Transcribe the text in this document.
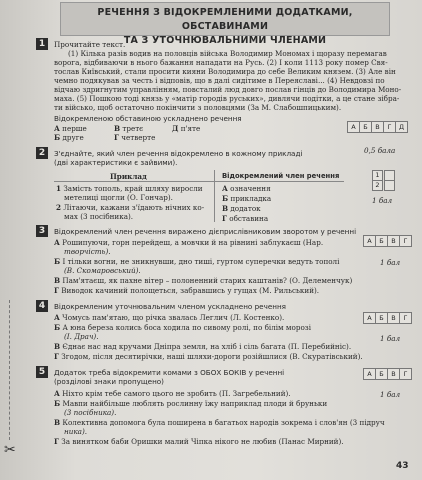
РЕЧЕННЯ З ВІДОКРЕМЛЕНИМИ ДОДАТКАМИ, ОБСТАВИНАМИ
ТА З УТОЧНЮВАЛЬНИМИ ЧЛЕНАМИ
1	Прочитайте текст.
(1) Кілька разів водив на половців війська Володимир Мономах і щоразу перемагав
ворога, відбиваючи в нього бажання нападати на Русь. (2) І коли 1113 року помер Свя-
тослав Київський, стали просити кияни Володимира до себе Великим князем. (3) Але він
чемно подякував за честь і відповів, що в далі сидітиме в Переяславі... (4) Невдовзі по
відчаю здригнутим управлінням, повсталий люд довго послав гінців до Володимира Моно-
маха. (5) Пошкою тоді князь у «матір городів руських», дивлячи подітки, а це стане зібра-
ти військо, щоб остаточно покінчити з половцями (За М. Слабошпицьким).
Відокремленою обставиною ускладнено речення
А перше	В третє	Д п'яте
Б друге	Г четверте
А	Б	В	Г	Д
0,5 бала
2	З'єднайте, який член речення відокремлено в кожному прикладі
(дві характеристики є зайвими).
Приклад	Відокремлений член речення
1 Замість тополь, край шляху виросли
метелиці щогли (О. Гончар).
2 Літаючи, кажани з'їдають нічних ко-
мах (3 посібника).
А означення
Б прикладка
В додаток
Г обставина
1
2
1 бал
3	Відокремлений член речення виражено дієприслівниковим зворотом у реченні
А Рошипуючи, горн перейдеш, а мовчки й на рівнині заблукаєш (Нар.
творчість).
Б І тільки вогни, не зникнувши, дно тиші, гуртом суперечки ведуть тополі
(В. Скомаровський).
В Пам'ятаєш, як пахне вітер – полоненний старих каштанів? (О. Делеменчук)
Г Виводок качиний полощеться, забравшись у гущах (М. Рильський).
А	Б	В	Г
1 бал
4	Відокремленим уточнювальним членом ускладнено речення
А Чомусь пам'ятаю, що річка звалась Леглич (Л. Костенко).
Б А юна береза колись боса ходила по сивому ролі, по білім морозі
(І. Драч).
В Єднає нас над кручами Дніпра земля, на хліб і сіль багата (П. Перебийніс).
Г Згодом, після десятирічки, наші шляхи-дороги розійшлися (В. Скуратівський).
А	Б	В	Г
1 бал
5	Додаток треба відокремити комами з ОБОХ БОКІВ у реченні
(розділові знаки пропущено)
А Ніхто крім тебе самого цього не зробить (П. Загребельний).
Б Мавпи найбільше люблять рослинну їжу наприклад плоди й бруньки
(3 посібника).
В Колективна допомога була поширена в багатьох народів зокрема і слов'ян (3 підруч
ника).
Г За винятком баби Оришки малий Чіпка нікого не любив (Панас Мирний).
А	Б	В	Г
1 бал
✂
43
